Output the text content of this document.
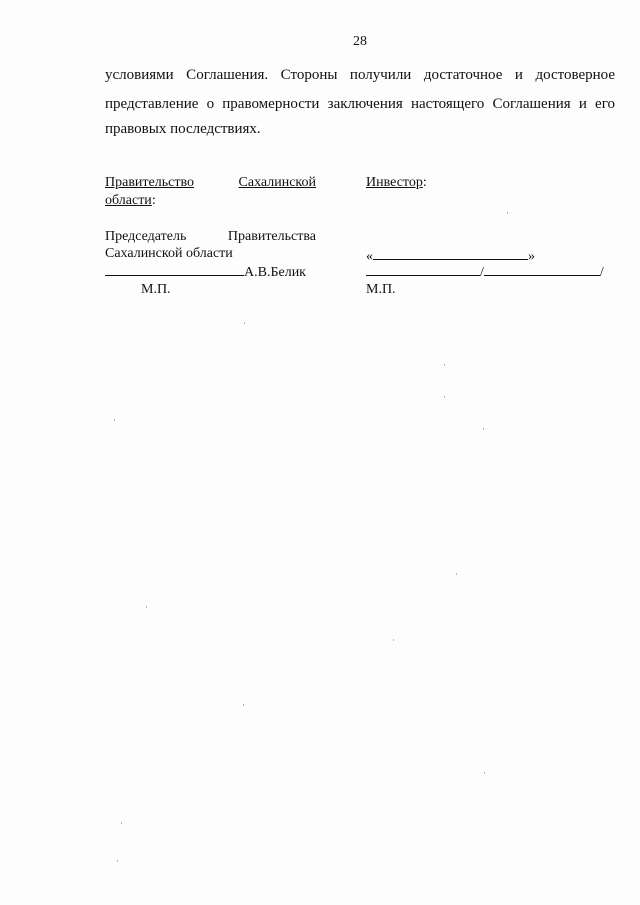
28
условиями Соглашения. Стороны получили достаточное и достоверное
представление о правомерности заключения настоящего Соглашения и его
правовых последствиях.
Правительство	Сахалинской
области:
Председатель	Правительства
Сахалинской области
А.В.Белик
М.П.
Инвестор:
«	»
/	/
М.П.
